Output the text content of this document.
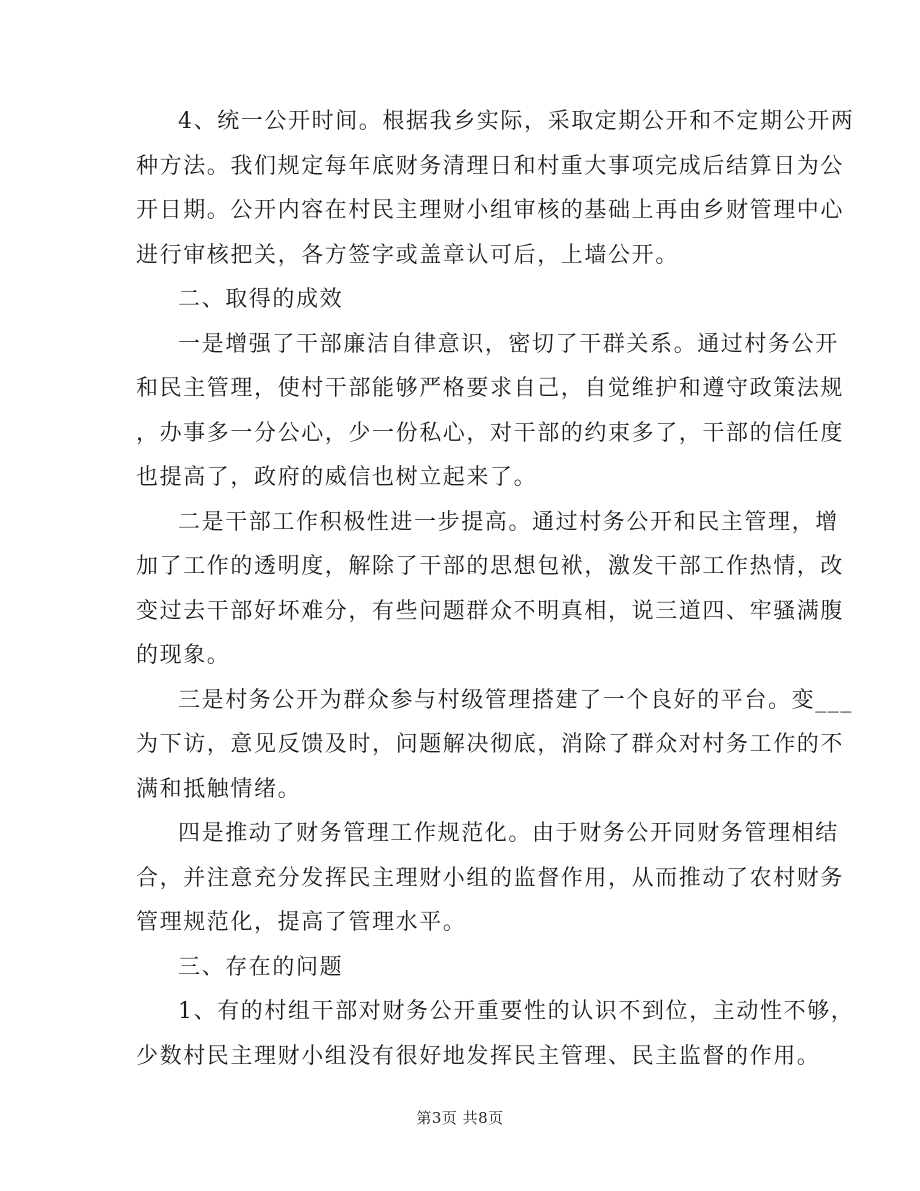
4、统一公开时间。根据我乡实际，采取定期公开和不定期公开两
种方法。我们规定每年底财务清理日和村重大事项完成后结算日为公
开日期。公开内容在村民主理财小组审核的基础上再由乡财管理中心
进行审核把关，各方签字或盖章认可后，上墙公开。
二、取得的成效
一是增强了干部廉洁自律意识，密切了干群关系。通过村务公开
和民主管理，使村干部能够严格要求自己，自觉维护和遵守政策法规
，办事多一分公心，少一份私心，对干部的约束多了，干部的信任度
也提高了，政府的威信也树立起来了。
二是干部工作积极性进一步提高。通过村务公开和民主管理，增
加了工作的透明度，解除了干部的思想包袱，激发干部工作热情，改
变过去干部好坏难分，有些问题群众不明真相，说三道四、牢骚满腹
的现象。
三是村务公开为群众参与村级管理搭建了一个良好的平台。变___
为下访，意见反馈及时，问题解决彻底，消除了群众对村务工作的不
满和抵触情绪。
四是推动了财务管理工作规范化。由于财务公开同财务管理相结
合，并注意充分发挥民主理财小组的监督作用，从而推动了农村财务
管理规范化，提高了管理水平。
三、存在的问题
1、有的村组干部对财务公开重要性的认识不到位，主动性不够，
少数村民主理财小组没有很好地发挥民主管理、民主监督的作用。
第3页 共8页
